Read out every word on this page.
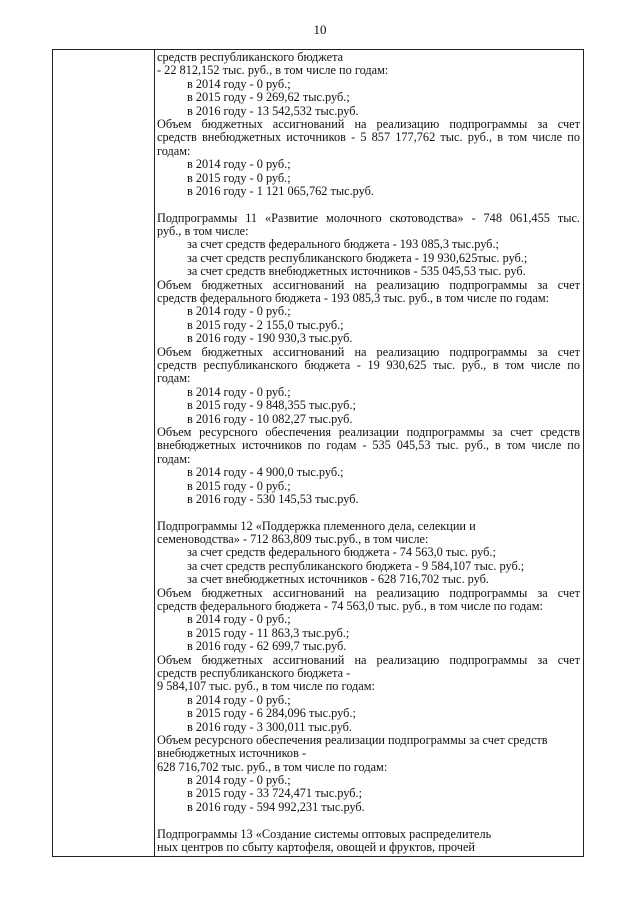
10
средств республиканского бюджета
- 22 812,152 тыс. руб., в том числе по годам:
в 2014 году - 0 руб.;
в 2015 году - 9 269,62 тыс.руб.;
в 2016 году - 13 542,532 тыс.руб.
Объем бюджетных ассигнований на реализацию подпрограммы за счет
средств внебюджетных источников - 5 857 177,762 тыс. руб., в том числе по
годам:
в 2014 году - 0 руб.;
в 2015 году - 0 руб.;
в 2016 году - 1 121 065,762 тыс.руб.
Подпрограммы 11 «Развитие молочного скотоводства» - 748 061,455 тыс.
руб., в том числе:
за счет средств федерального бюджета - 193 085,3 тыс.руб.;
за счет средств республиканского бюджета - 19 930,625тыс. руб.;
за счет средств внебюджетных источников - 535 045,53 тыс. руб.
Объем бюджетных ассигнований на реализацию подпрограммы за счет
средств федерального бюджета - 193 085,3 тыс. руб., в том числе по годам:
в 2014 году - 0 руб.;
в 2015 году - 2 155,0 тыс.руб.;
в 2016 году - 190 930,3 тыс.руб.
Объем бюджетных ассигнований на реализацию подпрограммы за счет
средств республиканского бюджета - 19 930,625 тыс. руб., в том числе по
годам:
в 2014 году - 0 руб.;
в 2015 году - 9 848,355 тыс.руб.;
в 2016 году - 10 082,27 тыс.руб.
Объем ресурсного обеспечения реализации подпрограммы за счет средств
внебюджетных источников по годам - 535 045,53 тыс. руб., в том числе по
годам:
в 2014 году - 4 900,0 тыс.руб.;
в 2015 году - 0 руб.;
в 2016 году - 530 145,53 тыс.руб.
Подпрограммы 12 «Поддержка племенного дела, селекции и
семеноводства» - 712 863,809 тыс.руб., в том числе:
за счет средств федерального бюджета - 74 563,0 тыс. руб.;
за счет средств республиканского бюджета - 9 584,107 тыс. руб.;
за счет внебюджетных источников - 628 716,702 тыс. руб.
Объем бюджетных ассигнований на реализацию подпрограммы за счет
средств федерального бюджета - 74 563,0 тыс. руб., в том числе по годам:
в 2014 году - 0 руб.;
в 2015 году - 11 863,3 тыс.руб.;
в 2016 году - 62 699,7 тыс.руб.
Объем бюджетных ассигнований на реализацию подпрограммы за счет
средств республиканского бюджета -
9 584,107 тыс. руб., в том числе по годам:
в 2014 году - 0 руб.;
в 2015 году - 6 284,096 тыс.руб.;
в 2016 году - 3 300,011 тыс.руб.
Объем ресурсного обеспечения реализации подпрограммы за счет средств
внебюджетных источников -
628 716,702 тыс. руб., в том числе по годам:
в 2014 году - 0 руб.;
в 2015 году - 33 724,471 тыс.руб.;
в 2016 году - 594 992,231 тыс.руб.
Подпрограммы 13 «Создание системы оптовых распределитель
ных центров по сбыту картофеля, овощей и фруктов, прочей
